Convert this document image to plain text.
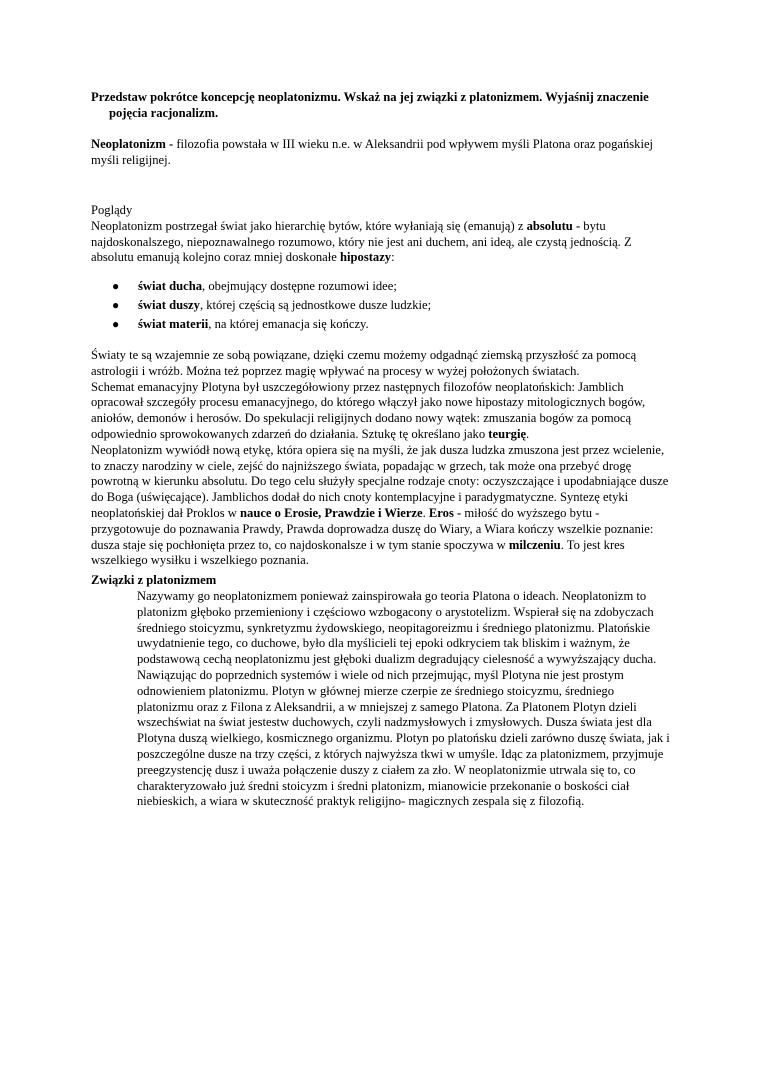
Przedstaw pokrótce koncepcję neoplatonizmu. Wskaż na jej związki z platonizmem. Wyjaśnij znaczenie
pojęcia racjonalizm.

Neoplatonizm - filozofia powstała w III wieku n.e. w Aleksandrii pod wpływem myśli Platona oraz pogańskiej myśli religijnej.

Poglądy
Neoplatonizm postrzegał świat jako hierarchię bytów, które wyłaniają się (emanują) z absolutu - bytu najdoskonalszego, niepoznawalnego rozumowo, który nie jest ani duchem, ani ideą, ale czystą jednością. Z absolutu emanują kolejno coraz mniej doskonałe hipostazy:

● świat ducha, obejmujący dostępne rozumowi idee;
● świat duszy, której częścią są jednostkowe dusze ludzkie;
● świat materii, na której emanacja się kończy.

Światy te są wzajemnie ze sobą powiązane, dzięki czemu możemy odgadnąć ziemską przyszłość za pomocą astrologii i wróżb. Można też poprzez magię wpływać na procesy w wyżej położonych światach.
Schemat emanacyjny Plotyna był uszczegółowiony przez następnych filozofów neoplatońskich: Jamblich opracował szczegóły procesu emanacyjnego, do którego włączył jako nowe hipostazy mitologicznych bogów, aniołów, demonów i herosów. Do spekulacji religijnych dodano nowy wątek: zmuszania bogów za pomocą odpowiednio sprowokowanych zdarzeń do działania. Sztukę tę określano jako teurgię.
Neoplatonizm wywiódł nową etykę, która opiera się na myśli, że jak dusza ludzka zmuszona jest przez wcielenie, to znaczy narodziny w ciele, zejść do najniższego świata, popadając w grzech, tak może ona przebyć drogę powrotną w kierunku absolutu. Do tego celu służyły specjalne rodzaje cnoty: oczyszczające i upodabniające dusze do Boga (uświęcające). Jamblichos dodał do nich cnoty kontemplacyjne i paradygmatyczne. Syntezę etyki neoplatońskiej dał Proklos w nauce o Erosie, Prawdzie i Wierze. Eros - miłość do wyższego bytu - przygotowuje do poznawania Prawdy, Prawda doprowadza duszę do Wiary, a Wiara kończy wszelkie poznanie: dusza staje się pochłonięta przez to, co najdoskonalsze i w tym stanie spoczywa w milczeniu. To jest kres wszelkiego wysiłku i wszelkiego poznania.

Związki z platonizmem

Nazywamy go neoplatonizmem ponieważ zainspirowała go teoria Platona o ideach. Neoplatonizm to platonizm głęboko przemieniony i częściowo wzbogacony o arystotelizm. Wspierał się na zdobyczach średniego stoicyzmu, synkretyzmu żydowskiego, neopitagoreizmu i średniego platonizmu. Platońskie uwydatnienie tego, co duchowe, było dla myślicieli tej epoki odkryciem tak bliskim i ważnym, że podstawową cechą neoplatonizmu jest głęboki dualizm degradujący cielesność a wywyższający ducha. Nawiązując do poprzednich systemów i wiele od nich przejmując, myśl Plotyna nie jest prostym odnowieniem platonizmu. Plotyn w głównej mierze czerpie ze średniego stoicyzmu, średniego platonizmu oraz z Filona z Aleksandrii, a w mniejszej z samego Platona. Za Platonem Plotyn dzieli wszechświat na świat jestestw duchowych, czyli nadzmysłowych i zmysłowych. Dusza świata jest dla Plotyna duszą wielkiego, kosmicznego organizmu. Plotyn po platońsku dzieli zarówno duszę świata, jak i poszczególne dusze na trzy części, z których najwyższa tkwi w umyśle. Idąc za platonizmem, przyjmuje preegzystencję dusz i uważa połączenie duszy z ciałem za zło. W neoplatonizmie utrwala się to, co charakteryzowało już średni stoicyzm i średni platonizm, mianowicie przekonanie o boskości ciał niebieskich, a wiara w skuteczność praktyk religijno- magicznych zespala się z filozofią.
